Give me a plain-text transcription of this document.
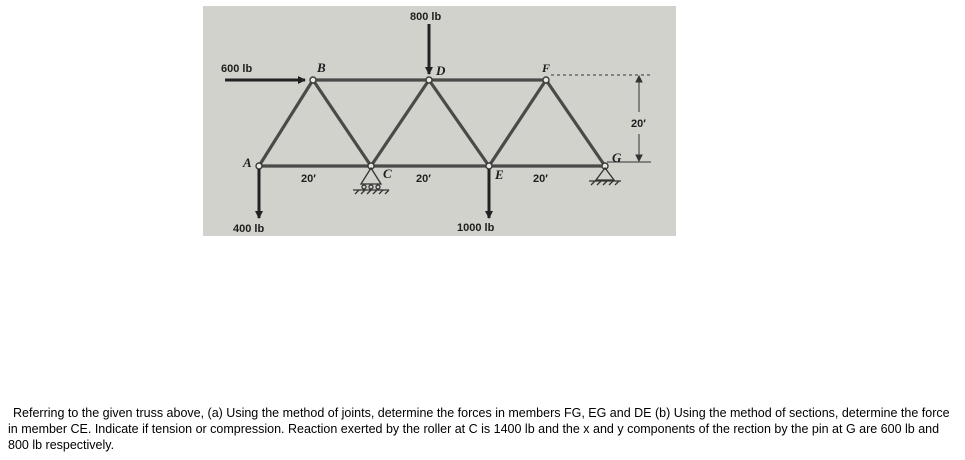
800 lb
600 lb
400 lb	1000 lb
A
B
C
D
E
F
G
20′	20′	20′
20′

Referring to the given truss above, (a) Using the method of joints, determine the forces in members FG, EG and DE (b) Using the method of sections, determine the force in member CE. Indicate if tension or compression. Reaction exerted by the roller at C is 1400 lb and the x and y components of the rection by the pin at G are 600 lb and 800 lb respectively.
